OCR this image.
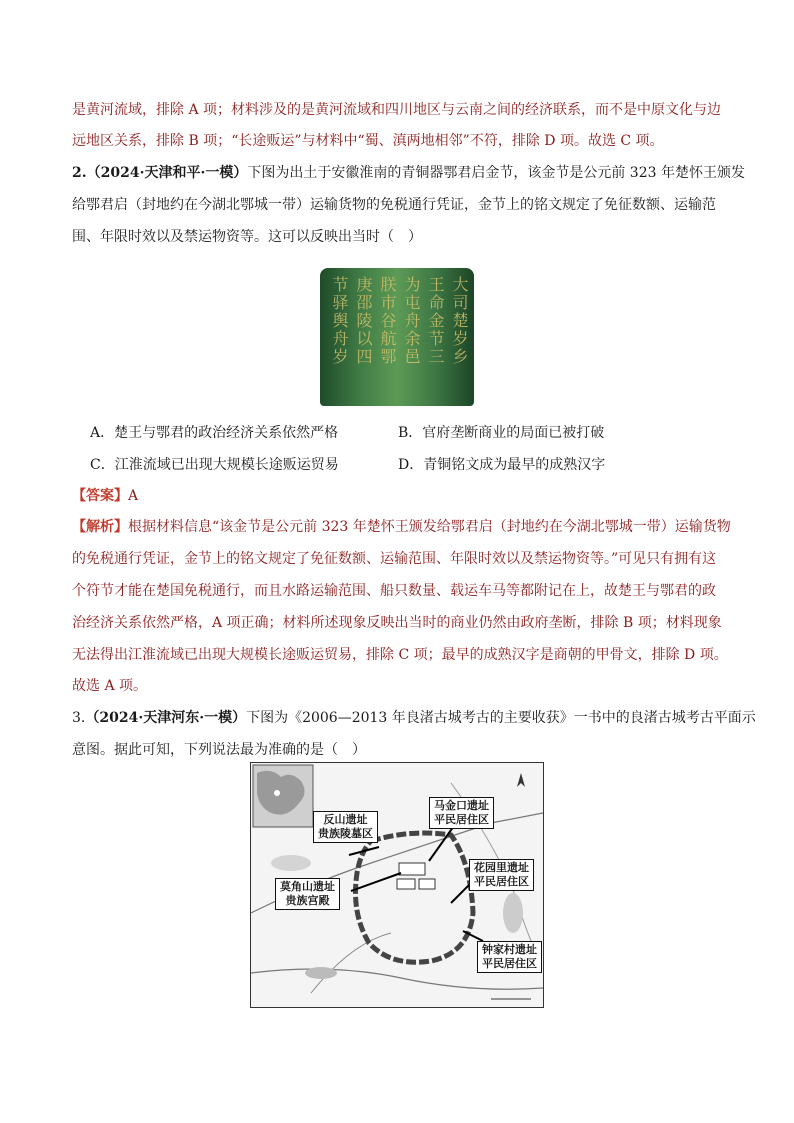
是黄河流域，排除 A 项；材料涉及的是黄河流域和四川地区与云南之间的经济联系，而不是中原文化与边
远地区关系，排除 B 项；“长途贩运”与材料中“蜀、滇两地相邻”不符，排除 D 项。故选 C 项。
2.（2024·天津和平·一模）下图为出土于安徽淮南的青铜器鄂君启金节，该金节是公元前 323 年楚怀王颁发
给鄂君启（封地约在今湖北鄂城一带）运输货物的免税通行凭证，金节上的铭文规定了免征数额、运输范
围、年限时效以及禁运物资等。这可以反映出当时（　）
节驿舆舟岁 庚邵陵以四 朕市谷航鄂 为屯舟余邑 王命金节三 大司楚岁乡
A．楚王与鄂君的政治经济关系依然严格	B．官府垄断商业的局面已被打破
C．江淮流域已出现大规模长途贩运贸易	D．青铜铭文成为最早的成熟汉字
【答案】A
【解析】根据材料信息“该金节是公元前 323 年楚怀王颁发给鄂君启（封地约在今湖北鄂城一带）运输货物
的免税通行凭证，金节上的铭文规定了免征数额、运输范围、年限时效以及禁运物资等。”可见只有拥有这
个符节才能在楚国免税通行，而且水路运输范围、船只数量、载运车马等都附记在上，故楚王与鄂君的政
治经济关系依然严格，A 项正确；材料所述现象反映出当时的商业仍然由政府垄断，排除 B 项；材料现象
无法得出江淮流域已出现大规模长途贩运贸易，排除 C 项；最早的成熟汉字是商朝的甲骨文，排除 D 项。
故选 A 项。
3.（2024·天津河东·一模）下图为《2006—2013 年良渚古城考古的主要收获》一书中的良渚古城考古平面示
意图。据此可知，下列说法最为准确的是（　）
马金口遗址
平民居住区
反山遗址
贵族陵墓区
莫角山遗址
贵族宫殿
花园里遗址
平民居住区
钟家村遗址
平民居住区
